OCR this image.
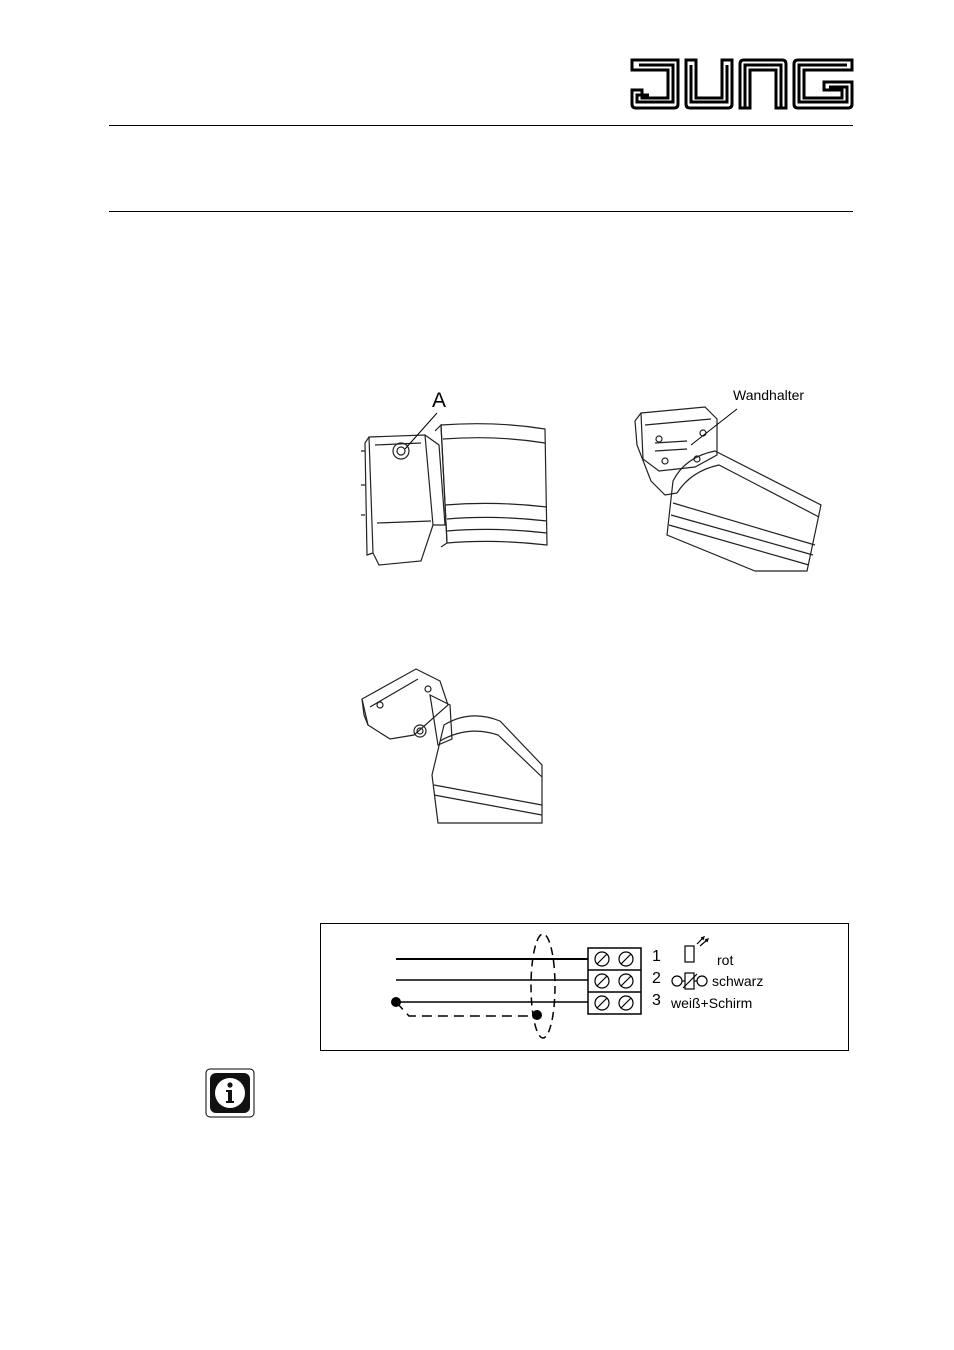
A	Wandhalter
1	rot
2	schwarz
3 weiß+Schirm
